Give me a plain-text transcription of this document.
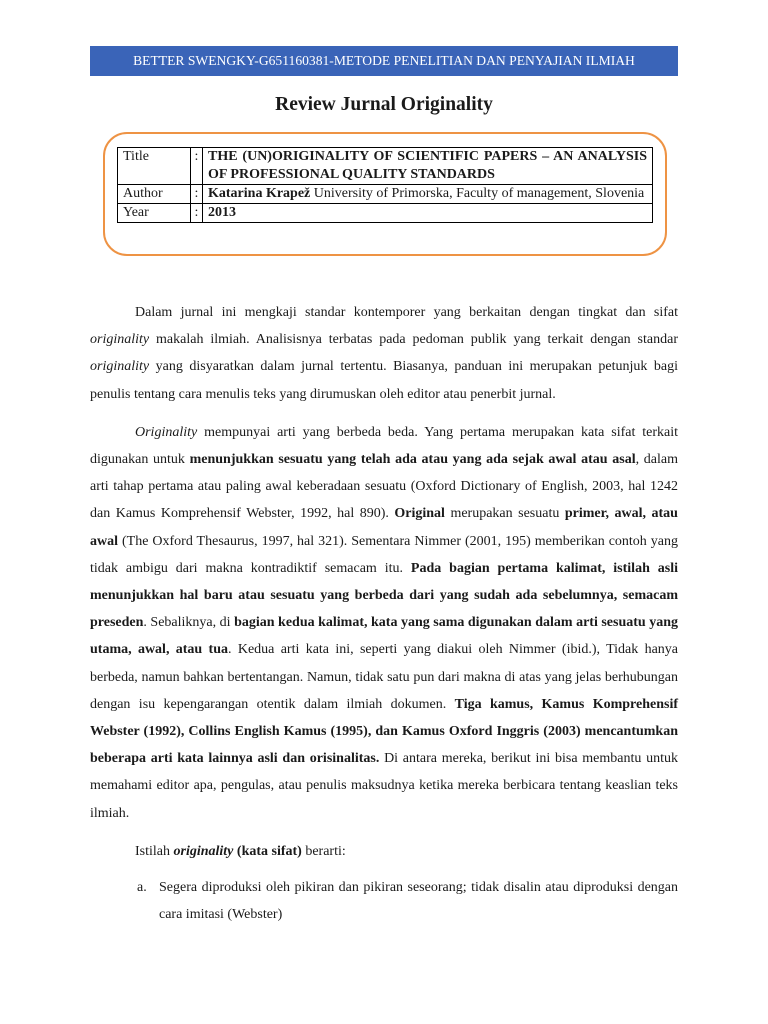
BETTER SWENGKY-G651160381-METODE PENELITIAN DAN PENYAJIAN ILMIAH
Review Jurnal Originality
Title	:	THE (UN)ORIGINALITY OF SCIENTIFIC PAPERS – AN ANALYSIS OF PROFESSIONAL QUALITY STANDARDS
Author	:	Katarina Krapež University of Primorska, Faculty of management, Slovenia
Year	:	2013

Dalam jurnal ini mengkaji standar kontemporer yang berkaitan dengan tingkat dan sifat originality makalah ilmiah. Analisisnya terbatas pada pedoman publik yang terkait dengan standar originality yang disyaratkan dalam jurnal tertentu. Biasanya, panduan ini merupakan petunjuk bagi penulis tentang cara menulis teks yang dirumuskan oleh editor atau penerbit jurnal.

Originality mempunyai arti yang berbeda beda. Yang pertama merupakan kata sifat terkait digunakan untuk menunjukkan sesuatu yang telah ada atau yang ada sejak awal atau asal, dalam arti tahap pertama atau paling awal keberadaan sesuatu (Oxford Dictionary of English, 2003, hal 1242 dan Kamus Komprehensif Webster, 1992, hal 890). Original merupakan sesuatu primer, awal, atau awal (The Oxford Thesaurus, 1997, hal 321). Sementara Nimmer (2001, 195) memberikan contoh yang tidak ambigu dari makna kontradiktif semacam itu. Pada bagian pertama kalimat, istilah asli menunjukkan hal baru atau sesuatu yang berbeda dari yang sudah ada sebelumnya, semacam preseden. Sebaliknya, di bagian kedua kalimat, kata yang sama digunakan dalam arti sesuatu yang utama, awal, atau tua. Kedua arti kata ini, seperti yang diakui oleh Nimmer (ibid.), Tidak hanya berbeda, namun bahkan bertentangan. Namun, tidak satu pun dari makna di atas yang jelas berhubungan dengan isu kepengarangan otentik dalam ilmiah dokumen. Tiga kamus, Kamus Komprehensif Webster (1992), Collins English Kamus (1995), dan Kamus Oxford Inggris (2003) mencantumkan beberapa arti kata lainnya asli dan orisinalitas. Di antara mereka, berikut ini bisa membantu untuk memahami editor apa, pengulas, atau penulis maksudnya ketika mereka berbicara tentang keaslian teks ilmiah.

Istilah originality (kata sifat) berarti:

a. Segera diproduksi oleh pikiran dan pikiran seseorang; tidak disalin atau diproduksi dengan cara imitasi (Webster)
